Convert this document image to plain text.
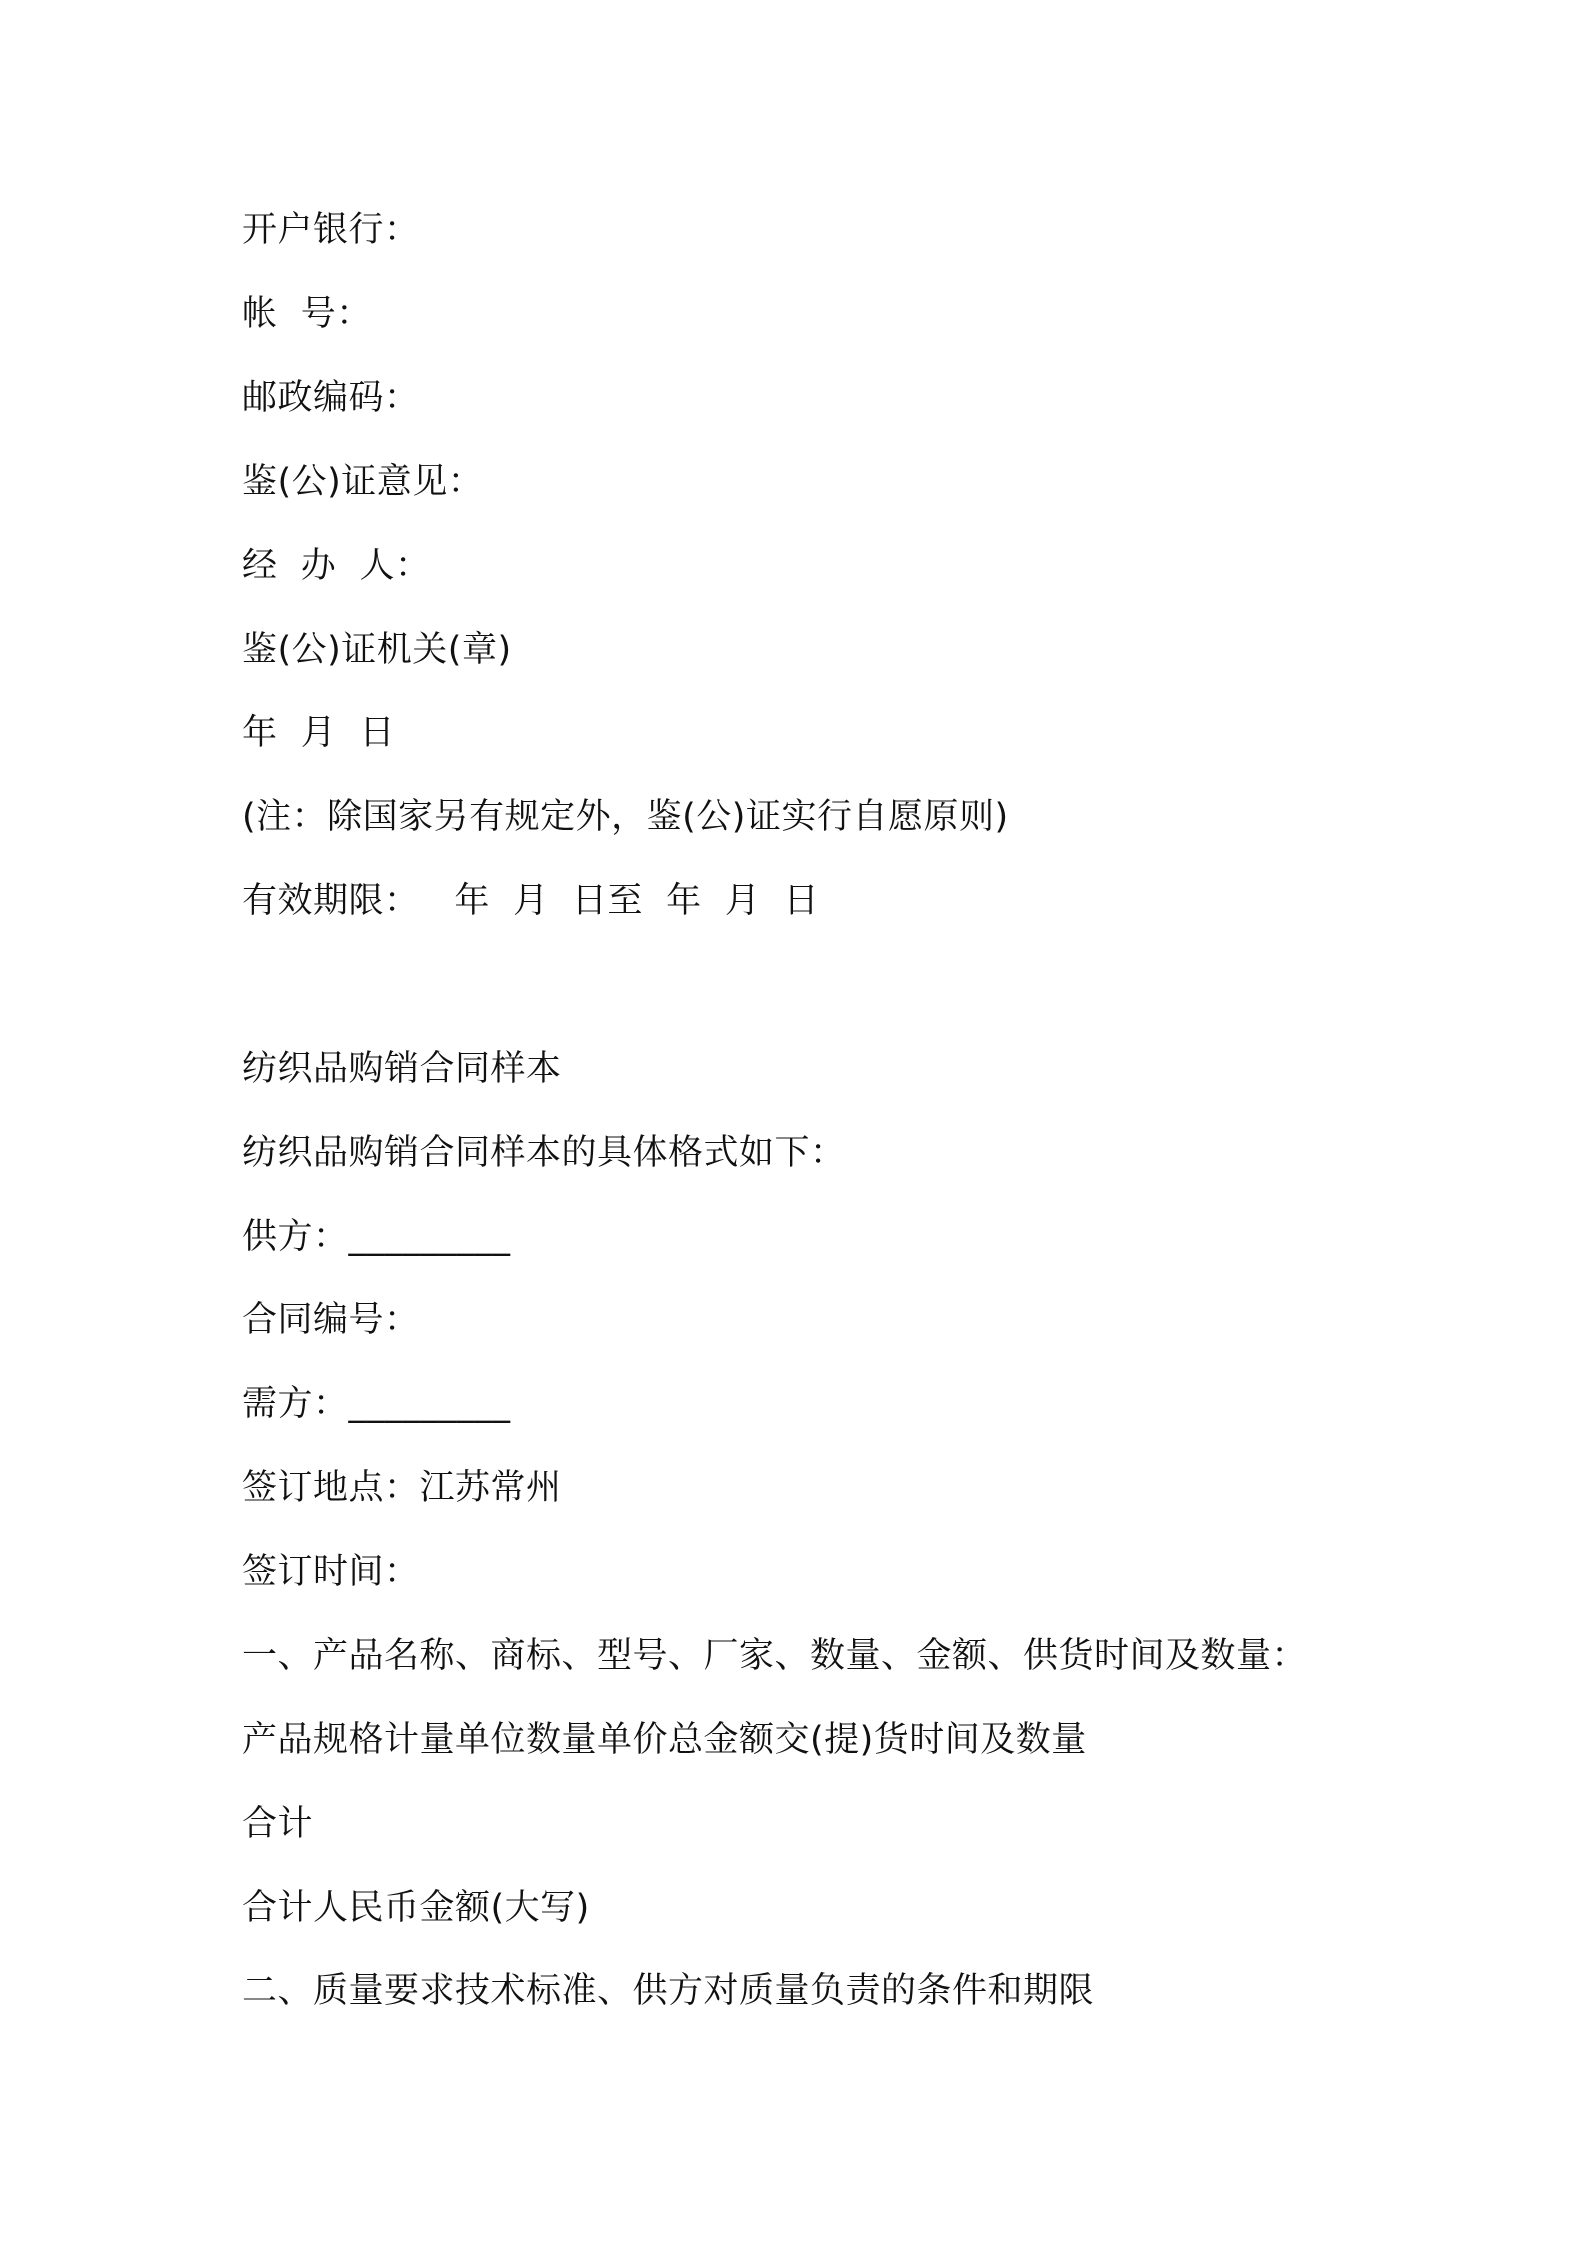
开户银行：
帐  号：
邮政编码：
鉴(公)证意见：
经  办  人：
鉴(公)证机关(章)
年  月  日
(注：除国家另有规定外，鉴(公)证实行自愿原则)
有效期限：   年  月  日至  年  月  日
纺织品购销合同样本
纺织品购销合同样本的具体格式如下：
供方：_________
合同编号：
需方：_________
签订地点：江苏常州
签订时间：
一、产品名称、商标、型号、厂家、数量、金额、供货时间及数量：
产品规格计量单位数量单价总金额交(提)货时间及数量
合计
合计人民币金额(大写)
二、质量要求技术标准、供方对质量负责的条件和期限
